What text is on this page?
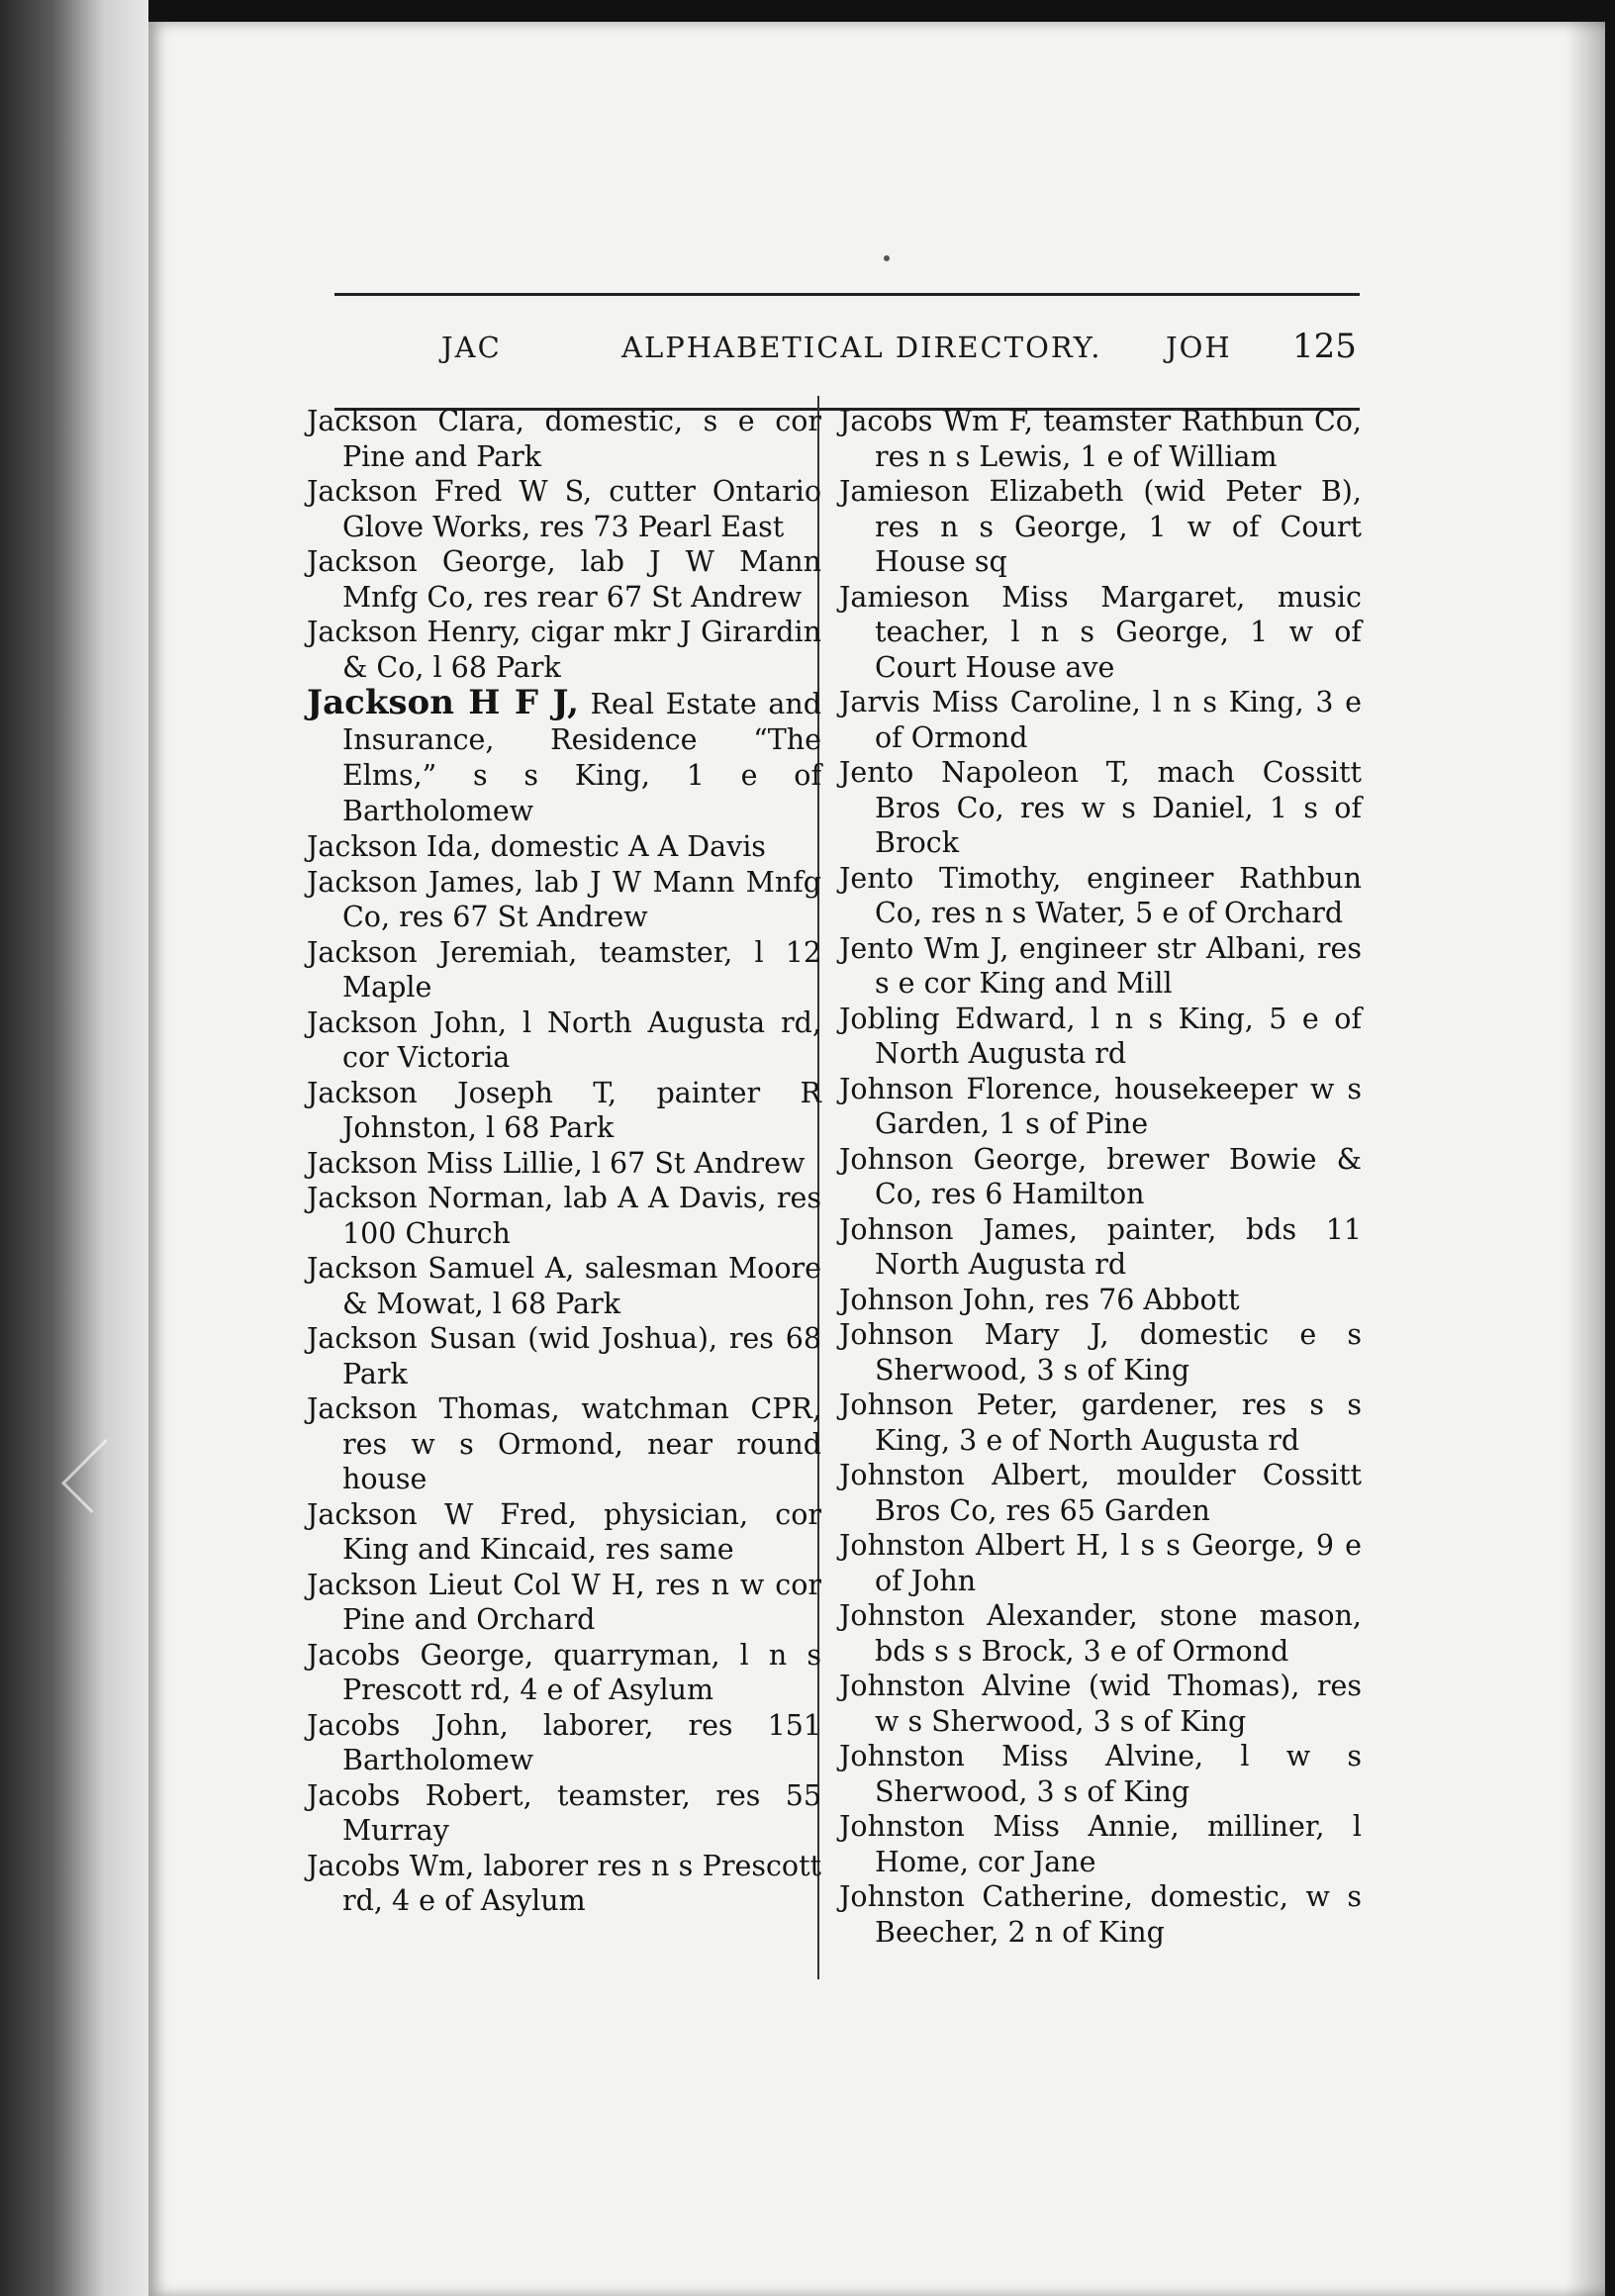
JAC	ALPHABETICAL DIRECTORY. JOH 125

Jackson Clara, domestic, s e cor Pine and Park

Jackson Fred W S, cutter Ontario Glove Works, res 73 Pearl East

Jackson George, lab J W Mann Mnfg Co, res rear 67 St Andrew

Jackson Henry, cigar mkr J Girardin & Co, l 68 Park

Jackson H F J, Real Estate and Insurance, Residence “The Elms,” s s King, 1 e of Bartholomew

Jackson Ida, domestic A A Davis

Jackson James, lab J W Mann Mnfg Co, res 67 St Andrew

Jackson Jeremiah, teamster, l 12 Maple

Jackson John, l North Augusta rd, cor Victoria

Jackson Joseph T, painter R Johnston, l 68 Park

Jackson Miss Lillie, l 67 St Andrew

Jackson Norman, lab A A Davis, res 100 Church

Jackson Samuel A, salesman Moore & Mowat, l 68 Park

Jackson Susan (wid Joshua), res 68 Park

Jackson Thomas, watchman CPR, res w s Ormond, near round house

Jackson W Fred, physician, cor King and Kincaid, res same

Jackson Lieut Col W H, res n w cor Pine and Orchard

Jacobs George, quarryman, l n s Prescott rd, 4 e of Asylum

Jacobs John, laborer, res 151 Bartholomew

Jacobs Robert, teamster, res 55 Murray

Jacobs Wm, laborer res n s Prescott rd, 4 e of Asylum

Jacobs Wm F, teamster Rathbun Co, res n s Lewis, 1 e of William

Jamieson Elizabeth (wid Peter B), res n s George, 1 w of Court House sq

Jamieson Miss Margaret, music teacher, l n s George, 1 w of Court House ave

Jarvis Miss Caroline, l n s King, 3 e of Ormond

Jento Napoleon T, mach Cossitt Bros Co, res w s Daniel, 1 s of Brock

Jento Timothy, engineer Rathbun Co, res n s Water, 5 e of Orchard

Jento Wm J, engineer str Albani, res s e cor King and Mill

Jobling Edward, l n s King, 5 e of North Augusta rd

Johnson Florence, housekeeper w s Garden, 1 s of Pine

Johnson George, brewer Bowie & Co, res 6 Hamilton

Johnson James, painter, bds 11 North Augusta rd

Johnson John, res 76 Abbott

Johnson Mary J, domestic e s Sherwood, 3 s of King

Johnson Peter, gardener, res s s King, 3 e of North Augusta rd

Johnston Albert, moulder Cossitt Bros Co, res 65 Garden

Johnston Albert H, l s s George, 9 e of John

Johnston Alexander, stone mason, bds s s Brock, 3 e of Ormond

Johnston Alvine (wid Thomas), res w s Sherwood, 3 s of King

Johnston Miss Alvine, l w s Sherwood, 3 s of King

Johnston Miss Annie, milliner, l Home, cor Jane

Johnston Catherine, domestic, w s Beecher, 2 n of King
